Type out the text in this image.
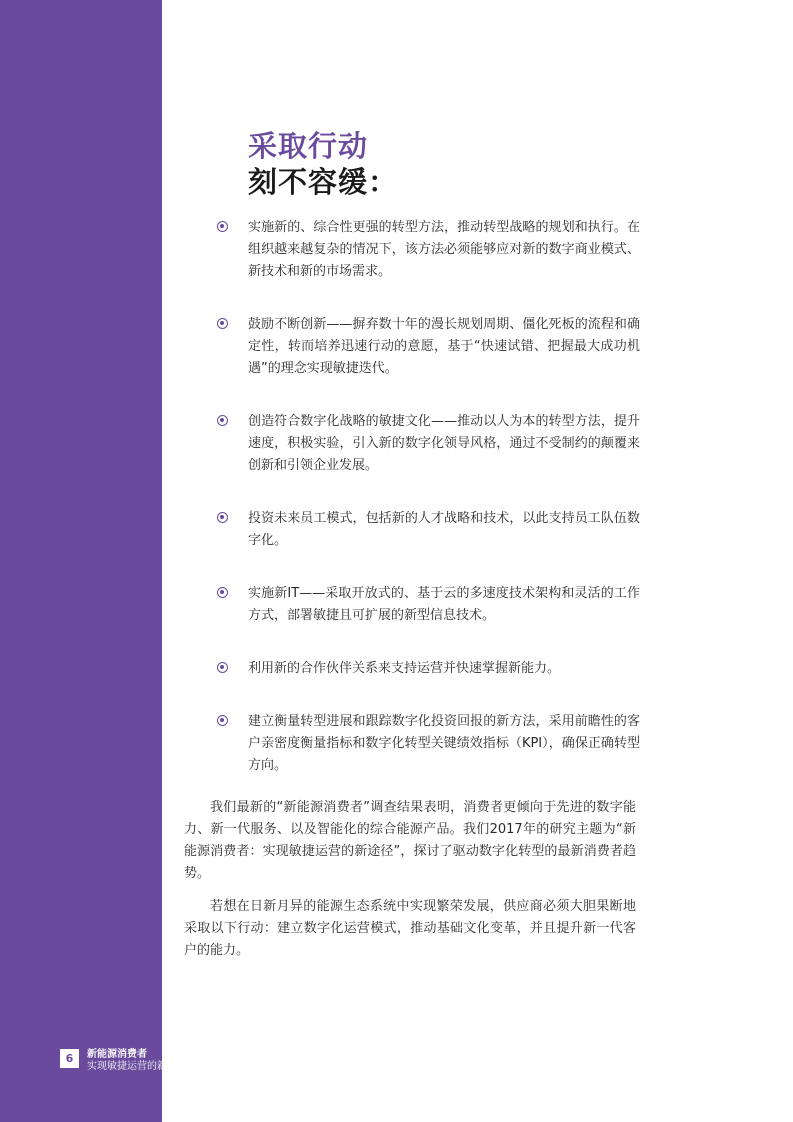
采取行动
刻不容缓：
实施新的、综合性更强的转型方法，推动转型战略的规划和执行。在组织越来越复杂的情况下，该方法必须能够应对新的数字商业模式、新技术和新的市场需求。
鼓励不断创新——摒弃数十年的漫长规划周期、僵化死板的流程和确定性，转而培养迅速行动的意愿，基于“快速试错、把握最大成功机遇”的理念实现敏捷迭代。
创造符合数字化战略的敏捷文化——推动以人为本的转型方法，提升速度，积极实验，引入新的数字化领导风格，通过不受制约的颠覆来创新和引领企业发展。
投资未来员工模式，包括新的人才战略和技术，以此支持员工队伍数字化。
实施新IT——采取开放式的、基于云的多速度技术架构和灵活的工作方式，部署敏捷且可扩展的新型信息技术。
利用新的合作伙伴关系来支持运营并快速掌握新能力。
建立衡量转型进展和跟踪数字化投资回报的新方法，采用前瞻性的客户亲密度衡量指标和数字化转型关键绩效指标（KPI），确保正确转型方向。

我们最新的“新能源消费者”调查结果表明，消费者更倾向于先进的数字能力、新一代服务、以及智能化的综合能源产品。我们2017年的研究主题为“新能源消费者：实现敏捷运营的新途径”，探讨了驱动数字化转型的最新消费者趋势。

若想在日新月异的能源生态系统中实现繁荣发展，供应商必须大胆果断地采取以下行动：建立数字化运营模式，推动基础文化变革，并且提升新一代客户的能力。

6	新能源消费者
实现敏捷运营的新途径
